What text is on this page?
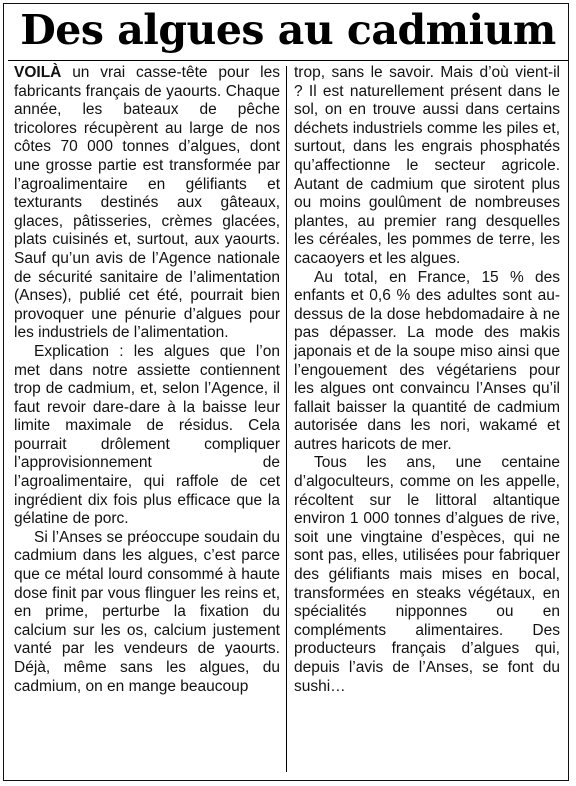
Des algues au cadmium

VOILÀ un vrai casse-tête pour les fabricants français de yaourts. Chaque année, les bateaux de pêche tricolores récupèrent au large de nos côtes 70 000 tonnes d’algues, dont une grosse partie est transformée par l’agroalimentaire en gélifiants et texturants destinés aux gâteaux, glaces, pâtisseries, crèmes glacées, plats cuisinés et, surtout, aux yaourts. Sauf qu’un avis de l’Agence nationale de sécurité sanitaire de l’alimentation (Anses), publié cet été, pourrait bien provoquer une pénurie d’algues pour les industriels de l’alimentation.

Explication : les algues que l’on met dans notre assiette contiennent trop de cadmium, et, selon l’Agence, il faut revoir dare-dare à la baisse leur limite maximale de résidus. Cela pourrait drôlement compliquer l’approvisionnement de l’agroalimentaire, qui raffole de cet ingrédient dix fois plus efficace que la gélatine de porc.

Si l’Anses se préoccupe soudain du cadmium dans les algues, c’est parce que ce métal lourd consommé à haute dose finit par vous flinguer les reins et, en prime, perturbe la fixation du calcium sur les os, calcium justement vanté par les vendeurs de yaourts. Déjà, même sans les algues, du cadmium, on en mange beaucoup

trop, sans le savoir. Mais d’où vient-il ? Il est naturellement présent dans le sol, on en trouve aussi dans certains déchets industriels comme les piles et, surtout, dans les engrais phosphatés qu’affectionne le secteur agricole. Autant de cadmium que sirotent plus ou moins goulûment de nombreuses plantes, au premier rang desquelles les céréales, les pommes de terre, les cacaoyers et les algues.

Au total, en France, 15 % des enfants et 0,6 % des adultes sont au-dessus de la dose hebdomadaire à ne pas dépasser. La mode des makis japonais et de la soupe miso ainsi que l’engouement des végétariens pour les algues ont convaincu l’Anses qu’il fallait baisser la quantité de cadmium autorisée dans les nori, wakamé et autres haricots de mer.

Tous les ans, une centaine d’algoculteurs, comme on les appelle, récoltent sur le littoral altantique environ 1 000 tonnes d’algues de rive, soit une vingtaine d’espèces, qui ne sont pas, elles, utilisées pour fabriquer des gélifiants mais mises en bocal, transformées en steaks végétaux, en spécialités nipponnes ou en compléments alimentaires. Des producteurs français d’algues qui, depuis l’avis de l’Anses, se font du sushi…
